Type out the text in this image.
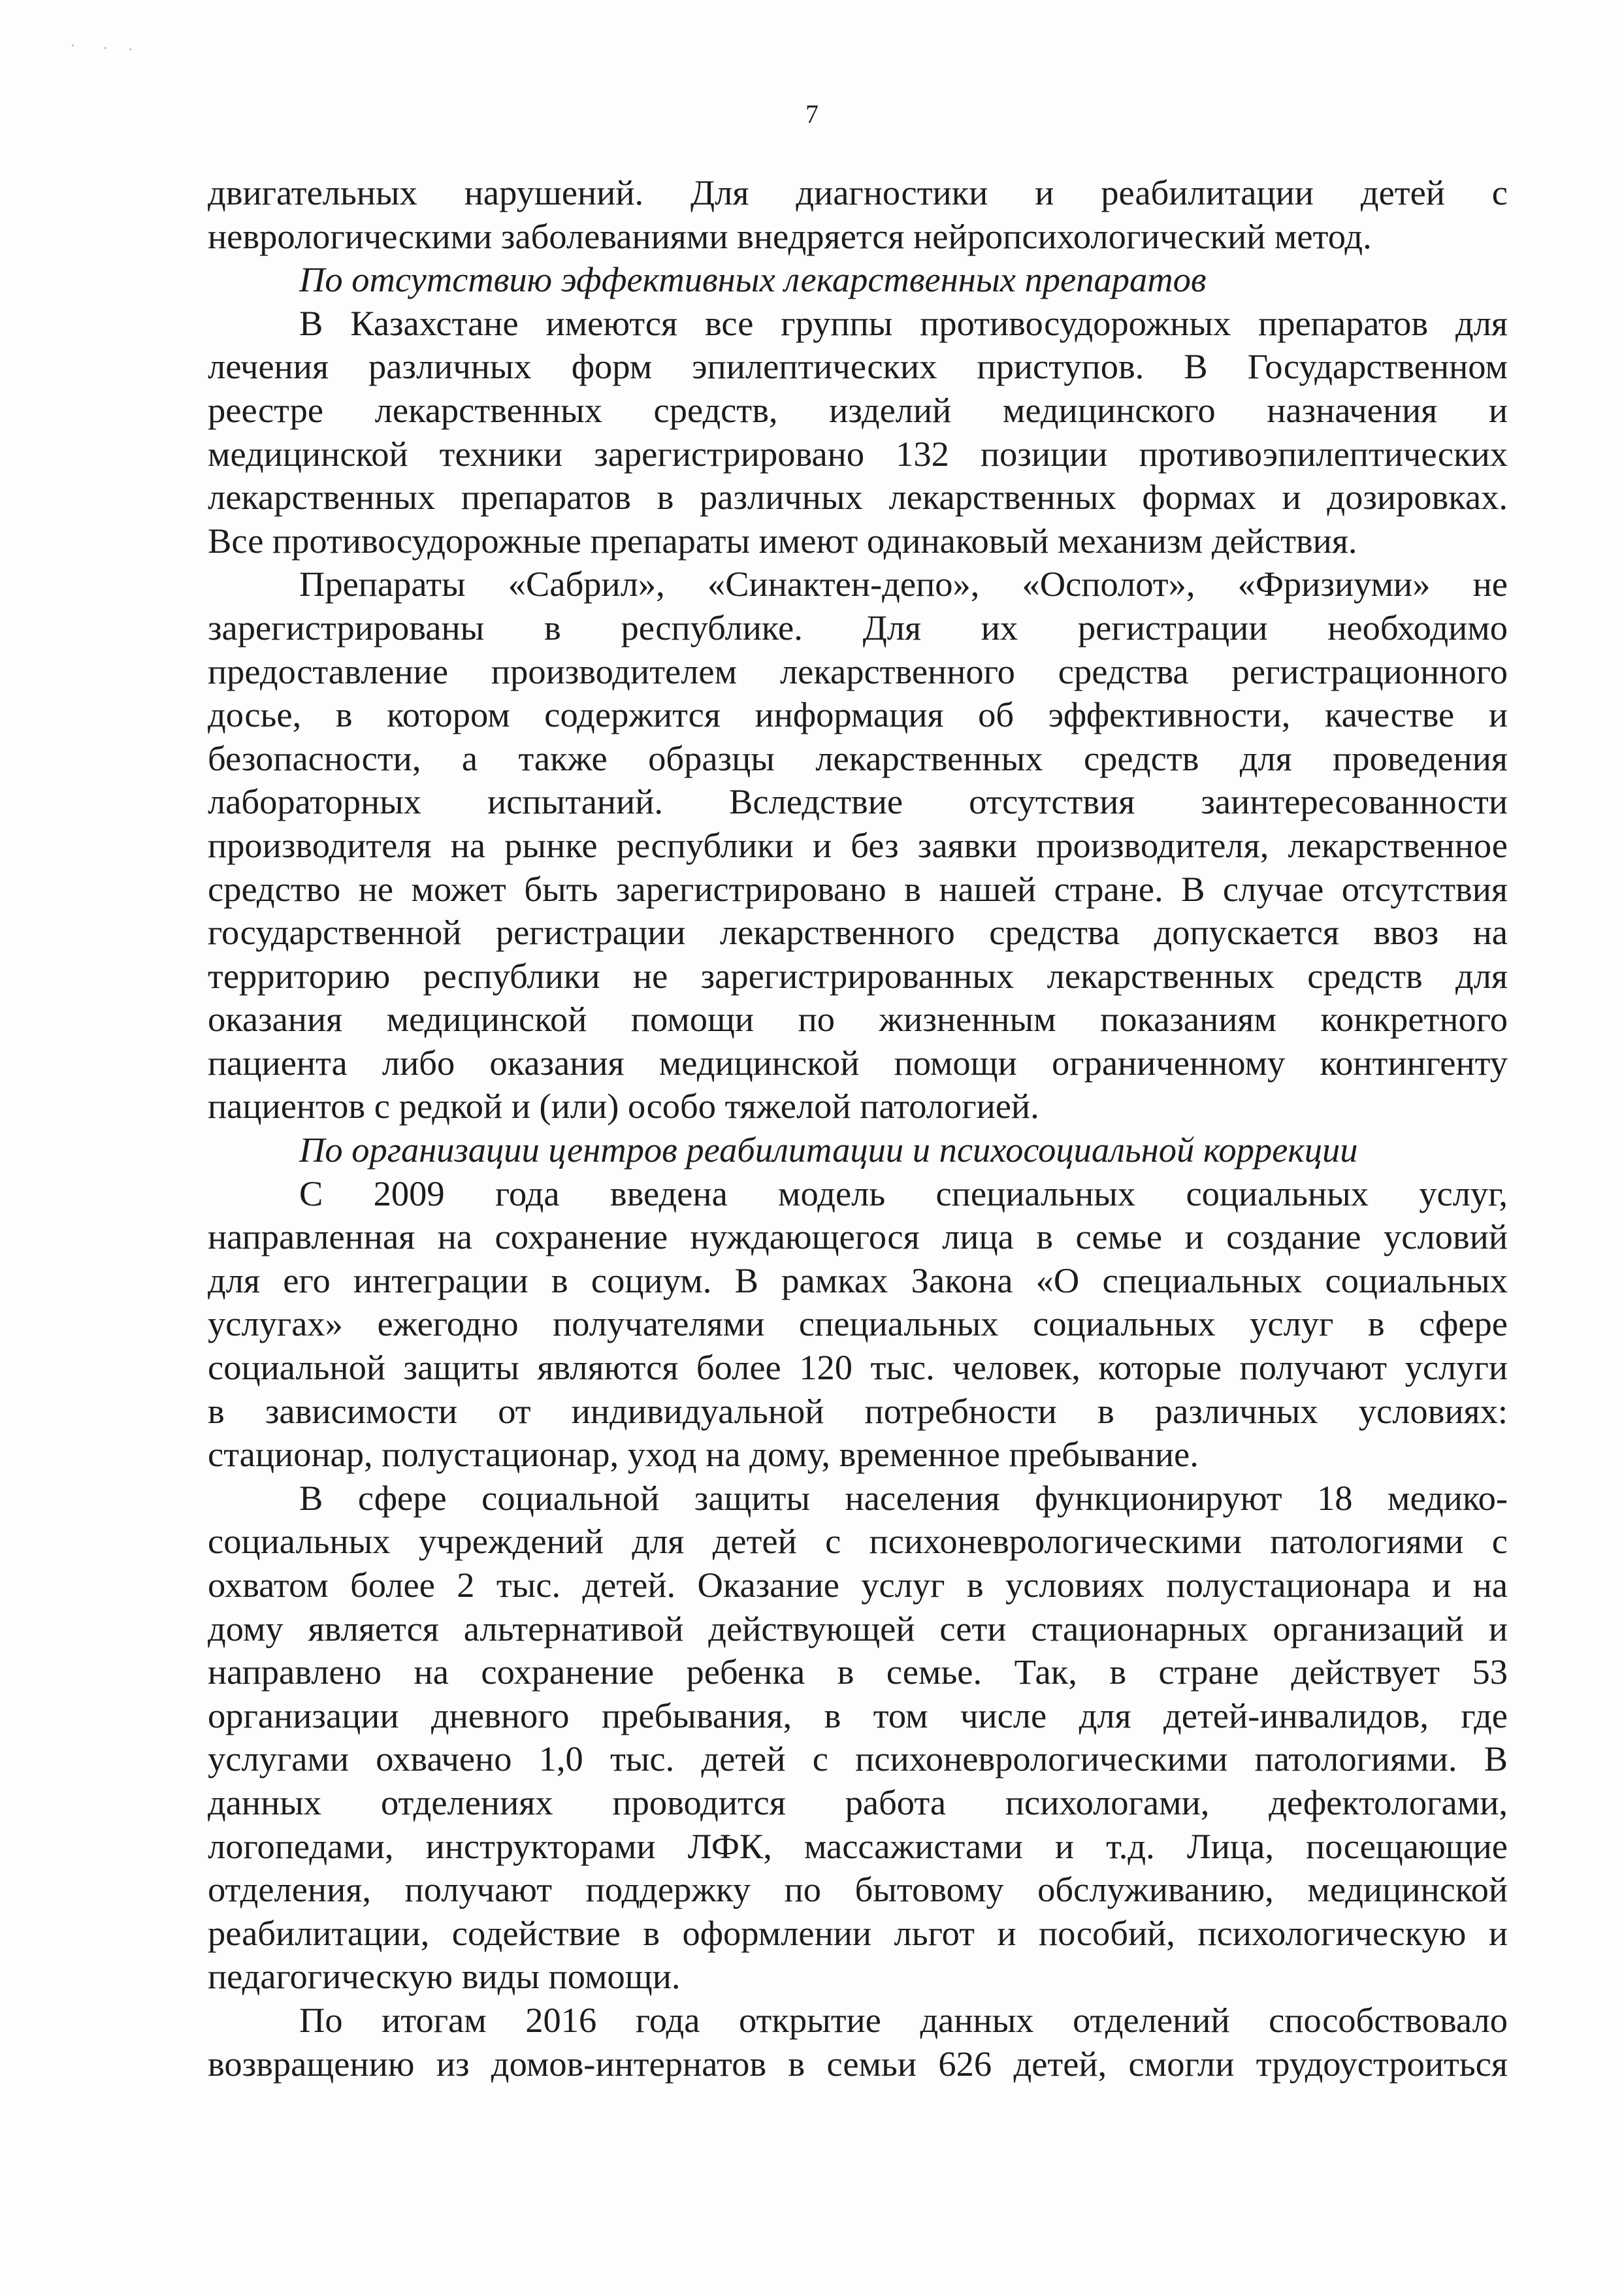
7
двигательных нарушений. Для диагностики и реабилитации детей с
неврологическими заболеваниями внедряется нейропсихологический метод.
По отсутствию эффективных лекарственных препаратов
В Казахстане имеются все группы противосудорожных препаратов для
лечения различных форм эпилептических приступов. В Государственном
реестре лекарственных средств, изделий медицинского назначения и
медицинской техники зарегистрировано 132 позиции противоэпилептических
лекарственных препаратов в различных лекарственных формах и дозировках.
Все противосудорожные препараты имеют одинаковый механизм действия.
Препараты «Сабрил», «Синактен-депо», «Осполот», «Фризиуми» не
зарегистрированы в республике. Для их регистрации необходимо
предоставление производителем лекарственного средства регистрационного
досье, в котором содержится информация об эффективности, качестве и
безопасности, а также образцы лекарственных средств для проведения
лабораторных испытаний. Вследствие отсутствия заинтересованности
производителя на рынке республики и без заявки производителя, лекарственное
средство не может быть зарегистрировано в нашей стране. В случае отсутствия
государственной регистрации лекарственного средства допускается ввоз на
территорию республики не зарегистрированных лекарственных средств для
оказания медицинской помощи по жизненным показаниям конкретного
пациента либо оказания медицинской помощи ограниченному контингенту
пациентов с редкой и (или) особо тяжелой патологией.
По организации центров реабилитации и психосоциальной коррекции
С 2009 года введена модель специальных социальных услуг,
направленная на сохранение нуждающегося лица в семье и создание условий
для его интеграции в социум. В рамках Закона «О специальных социальных
услугах» ежегодно получателями специальных социальных услуг в сфере
социальной защиты являются более 120 тыс. человек, которые получают услуги
в зависимости от индивидуальной потребности в различных условиях:
стационар, полустационар, уход на дому, временное пребывание.
В сфере социальной защиты населения функционируют 18 медико-
социальных учреждений для детей с психоневрологическими патологиями с
охватом более 2 тыс. детей. Оказание услуг в условиях полустационара и на
дому является альтернативой действующей сети стационарных организаций и
направлено на сохранение ребенка в семье. Так, в стране действует 53
организации дневного пребывания, в том числе для детей-инвалидов, где
услугами охвачено 1,0 тыс. детей с психоневрологическими патологиями. В
данных отделениях проводится работа психологами, дефектологами,
логопедами, инструкторами ЛФК, массажистами и т.д. Лица, посещающие
отделения, получают поддержку по бытовому обслуживанию, медицинской
реабилитации, содействие в оформлении льгот и пособий, психологическую и
педагогическую виды помощи.
По итогам 2016 года открытие данных отделений способствовало
возвращению из домов-интернатов в семьи 626 детей, смогли трудоустроиться
